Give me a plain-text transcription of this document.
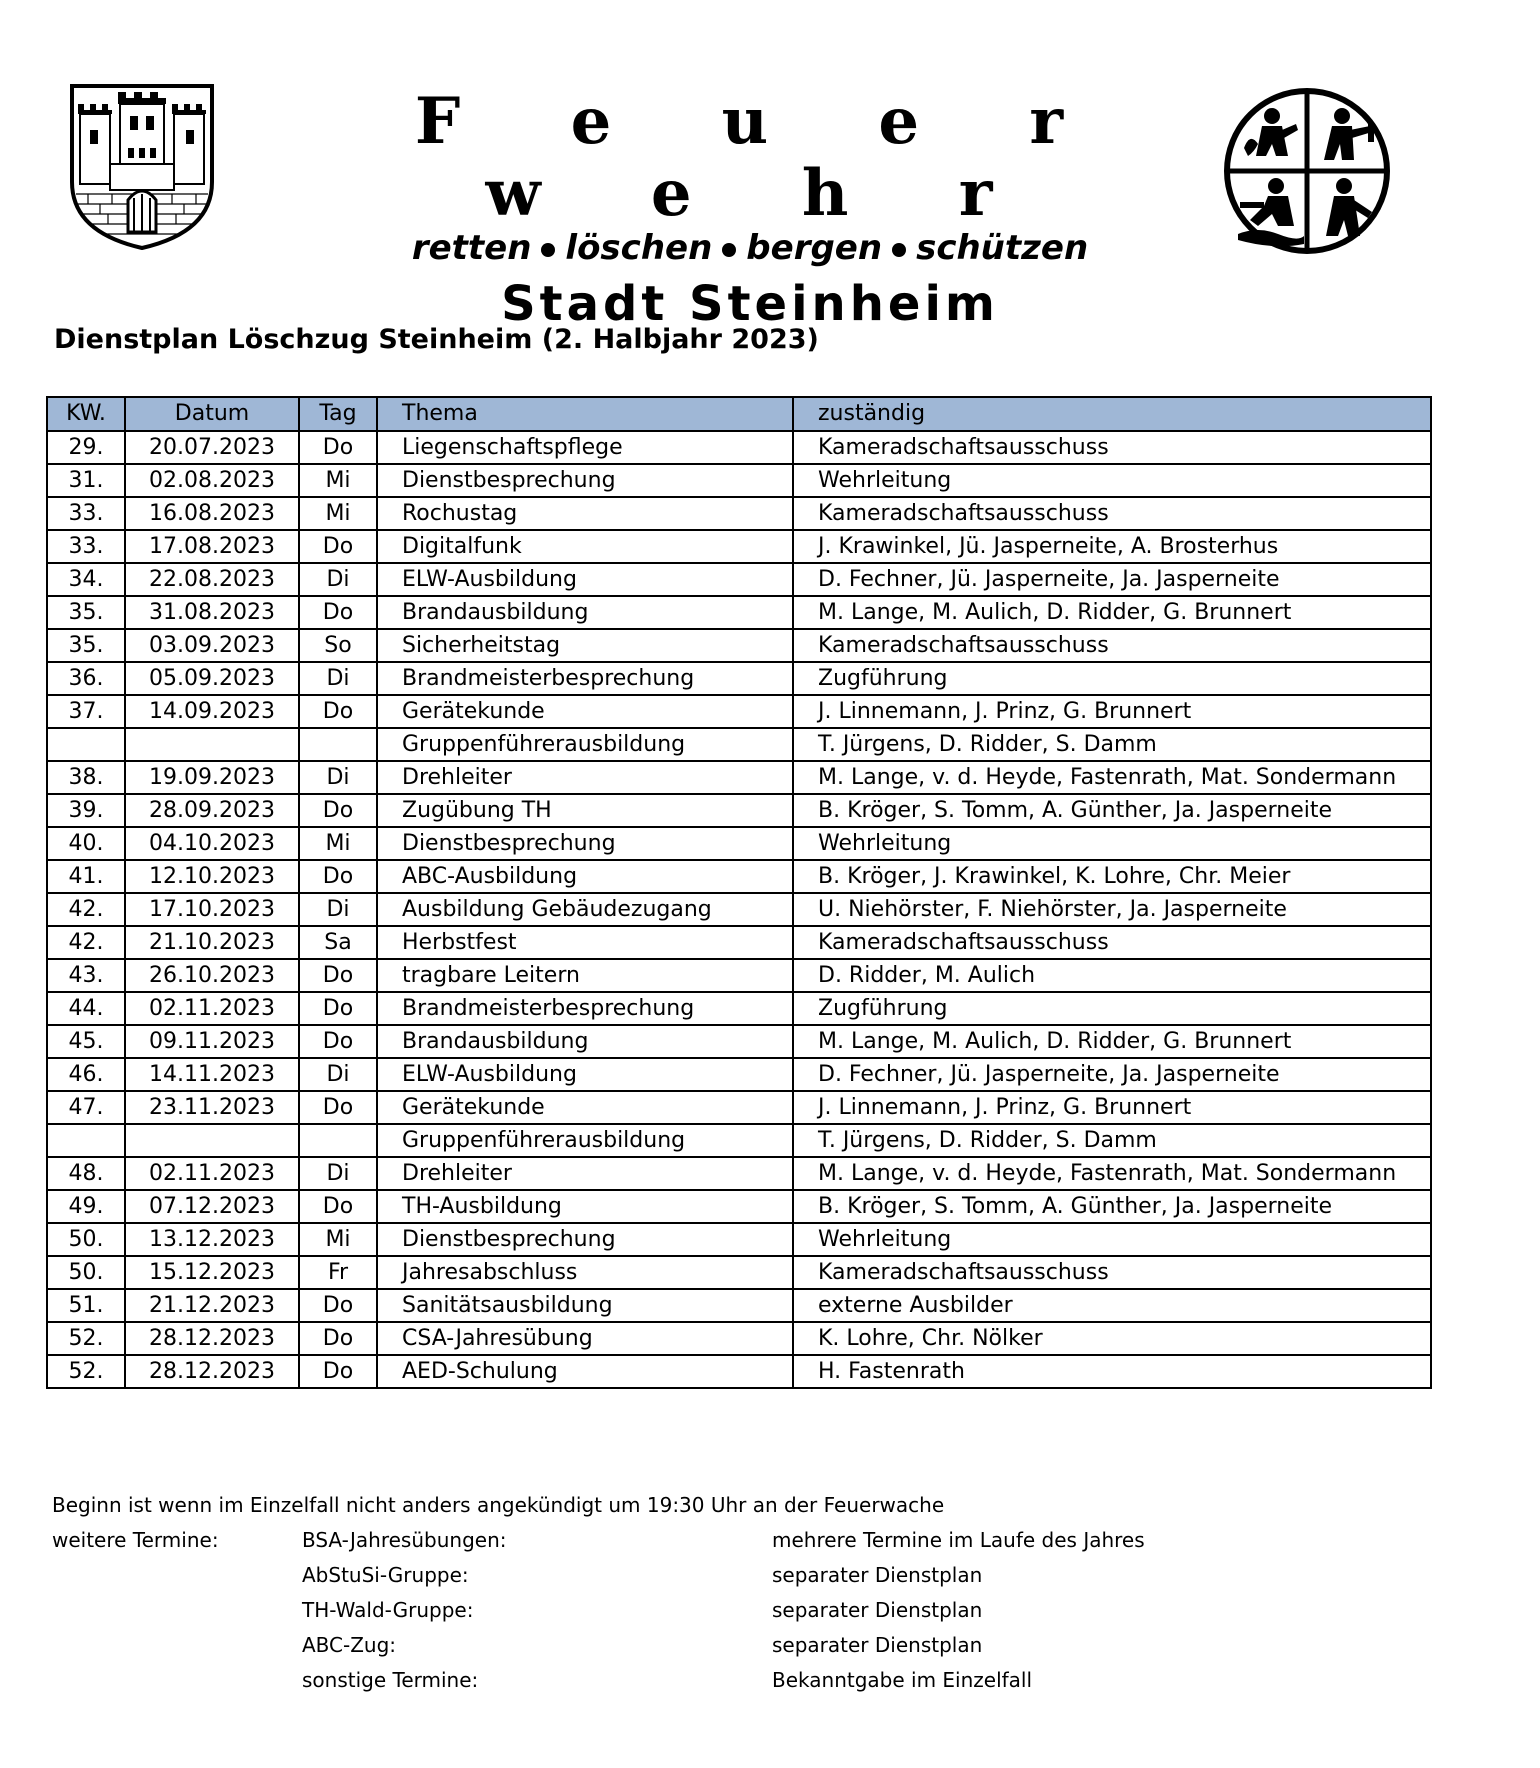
F e u e r w e h r
retten löschen bergen schützen
Stadt Steinheim
Dienstplan Löschzug Steinheim (2. Halbjahr 2023)
KW.	Datum	Tag	Thema	zuständig
29.	20.07.2023	Do	Liegenschaftspflege	Kameradschaftsausschuss
31.	02.08.2023	Mi	Dienstbesprechung	Wehrleitung
33.	16.08.2023	Mi	Rochustag	Kameradschaftsausschuss
33.	17.08.2023	Do	Digitalfunk	J. Krawinkel, Jü. Jasperneite, A. Brosterhus
34.	22.08.2023	Di	ELW-Ausbildung	D. Fechner, Jü. Jasperneite, Ja. Jasperneite
35.	31.08.2023	Do	Brandausbildung	M. Lange, M. Aulich, D. Ridder, G. Brunnert
35.	03.09.2023	So	Sicherheitstag	Kameradschaftsausschuss
36.	05.09.2023	Di	Brandmeisterbesprechung	Zugführung
37.	14.09.2023	Do	Gerätekunde	J. Linnemann, J. Prinz, G. Brunnert
			Gruppenführerausbildung	T. Jürgens, D. Ridder, S. Damm
38.	19.09.2023	Di	Drehleiter	M. Lange, v. d. Heyde, Fastenrath, Mat. Sondermann
39.	28.09.2023	Do	Zugübung TH	B. Kröger, S. Tomm, A. Günther, Ja. Jasperneite
40.	04.10.2023	Mi	Dienstbesprechung	Wehrleitung
41.	12.10.2023	Do	ABC-Ausbildung	B. Kröger, J. Krawinkel, K. Lohre, Chr. Meier
42.	17.10.2023	Di	Ausbildung Gebäudezugang	U. Niehörster, F. Niehörster, Ja. Jasperneite
42.	21.10.2023	Sa	Herbstfest	Kameradschaftsausschuss
43.	26.10.2023	Do	tragbare Leitern	D. Ridder, M. Aulich
44.	02.11.2023	Do	Brandmeisterbesprechung	Zugführung
45.	09.11.2023	Do	Brandausbildung	M. Lange, M. Aulich, D. Ridder, G. Brunnert
46.	14.11.2023	Di	ELW-Ausbildung	D. Fechner, Jü. Jasperneite, Ja. Jasperneite
47.	23.11.2023	Do	Gerätekunde	J. Linnemann, J. Prinz, G. Brunnert
			Gruppenführerausbildung	T. Jürgens, D. Ridder, S. Damm
48.	02.11.2023	Di	Drehleiter	M. Lange, v. d. Heyde, Fastenrath, Mat. Sondermann
49.	07.12.2023	Do	TH-Ausbildung	B. Kröger, S. Tomm, A. Günther, Ja. Jasperneite
50.	13.12.2023	Mi	Dienstbesprechung	Wehrleitung
50.	15.12.2023	Fr	Jahresabschluss	Kameradschaftsausschuss
51.	21.12.2023	Do	Sanitätsausbildung	externe Ausbilder
52.	28.12.2023	Do	CSA-Jahresübung	K. Lohre, Chr. Nölker
52.	28.12.2023	Do	AED-Schulung	H. Fastenrath
Beginn ist wenn im Einzelfall nicht anders angekündigt um 19:30 Uhr an der Feuerwache
weitere Termine:	BSA-Jahresübungen:	mehrere Termine im Laufe des Jahres
AbStuSi-Gruppe:	separater Dienstplan
TH-Wald-Gruppe:	separater Dienstplan
ABC-Zug:	separater Dienstplan
sonstige Termine:	Bekanntgabe im Einzelfall
